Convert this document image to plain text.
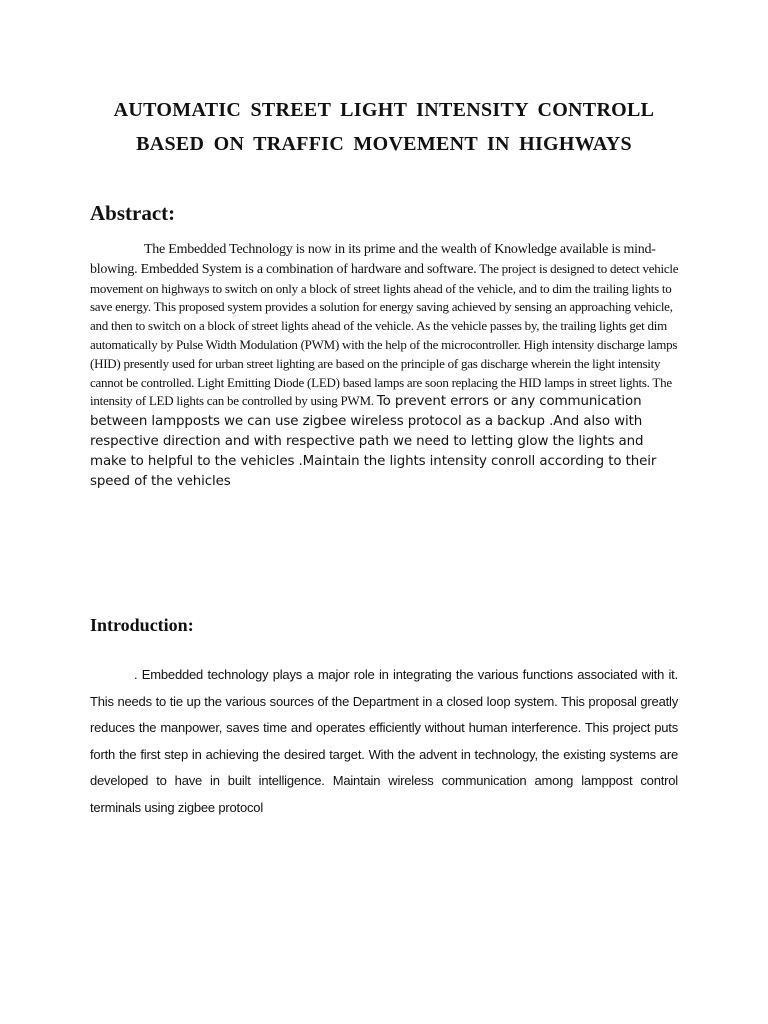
AUTOMATIC STREET LIGHT INTENSITY CONTROLL BASED ON TRAFFIC MOVEMENT IN HIGHWAYS
Abstract:

The Embedded Technology is now in its prime and the wealth of Knowledge available is mind-blowing. Embedded System is a combination of hardware and software. The project is designed to detect vehicle movement on highways to switch on only a block of street lights ahead of the vehicle, and to dim the trailing lights to save energy. This proposed system provides a solution for energy saving achieved by sensing an approaching vehicle, and then to switch on a block of street lights ahead of the vehicle. As the vehicle passes by, the trailing lights get dim automatically by Pulse Width Modulation (PWM) with the help of the microcontroller. High intensity discharge lamps (HID) presently used for urban street lighting are based on the principle of gas discharge wherein the light intensity cannot be controlled. Light Emitting Diode (LED) based lamps are soon replacing the HID lamps in street lights. The intensity of LED lights can be controlled by using PWM. To prevent errors or any communication between lampposts we can use zigbee wireless protocol as a backup .And also with respective direction and with respective path we need to letting glow the lights and make to helpful to the vehicles .Maintain the lights intensity conroll according to their speed of the vehicles

Introduction:

. Embedded technology plays a major role in integrating the various functions associated with it. This needs to tie up the various sources of the Department in a closed loop system. This proposal greatly reduces the manpower, saves time and operates efficiently without human interference. This project puts forth the first step in achieving the desired target. With the advent in technology, the existing systems are developed to have in built intelligence. Maintain wireless communication among lamppost control terminals using zigbee protocol
